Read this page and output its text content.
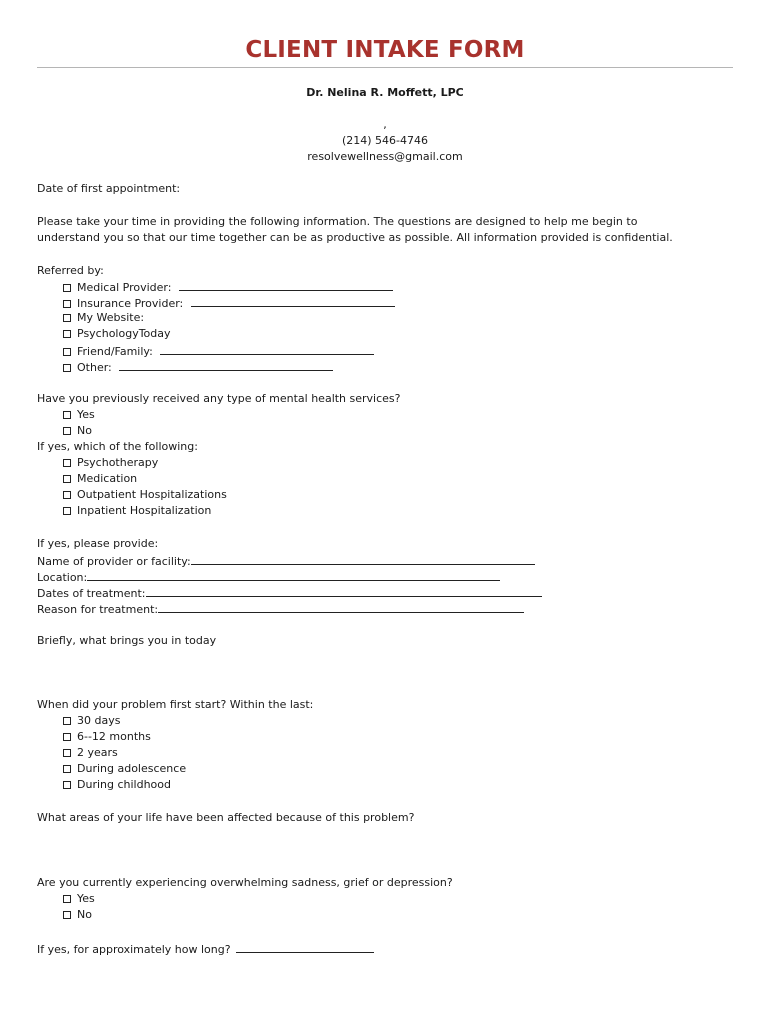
CLIENT INTAKE FORM
Dr. Nelina R. Moffett, LPC
,
(214) 546-4746
resolvewellness@gmail.com
Date of first appointment:
Please take your time in providing the following information. The questions are designed to help me begin to
understand you so that our time together can be as productive as possible. All information provided is confidential.
Referred by:
Medical Provider:
Insurance Provider:
My Website:
PsychologyToday
Friend/Family:
Other:
Have you previously received any type of mental health services?
Yes
No
If yes, which of the following:
Psychotherapy
Medication
Outpatient Hospitalizations
Inpatient Hospitalization
If yes, please provide:
Name of provider or facility:
Location:
Dates of treatment:
Reason for treatment:
Briefly, what brings you in today
When did your problem first start? Within the last:
30 days
6--12 months
2 years
During adolescence
During childhood
What areas of your life have been affected because of this problem?
Are you currently experiencing overwhelming sadness, grief or depression?
Yes
No
If yes, for approximately how long?
